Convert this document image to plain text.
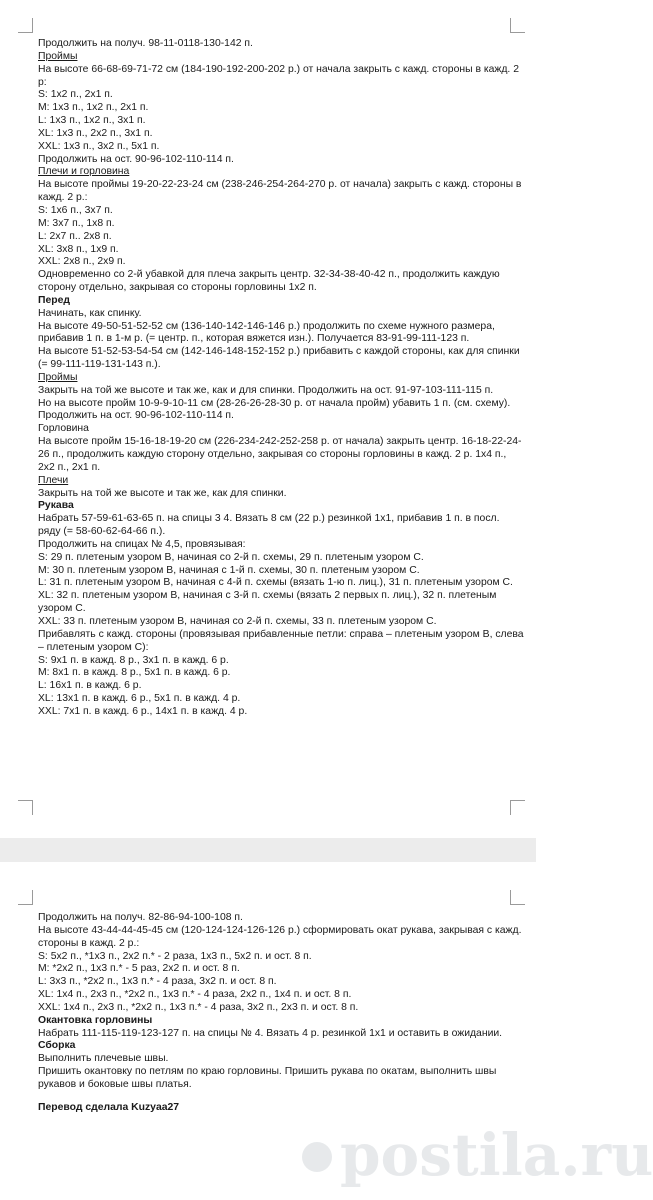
Продолжить на получ. 98-11-0118-130-142 п.
Проймы
На высоте 66-68-69-71-72 см (184-190-192-200-202 р.) от начала закрыть с кажд. стороны в кажд. 2 р:
S: 1x2 п., 2x1 п.
M: 1x3 п., 1x2 п., 2x1 п.
L: 1x3 п., 1x2 п., 3x1 п.
XL: 1x3 п., 2x2 п., 3x1 п.
XXL: 1x3 п., 3x2 п., 5x1 п.
Продолжить на ост. 90-96-102-110-114 п.
Плечи и горловина
На высоте проймы 19-20-22-23-24 см (238-246-254-264-270 р. от начала) закрыть с кажд. стороны в кажд. 2 р.:
S: 1x6 п., 3x7 п.
M: 3x7 п., 1x8 п.
L: 2x7 п.. 2x8 п.
XL: 3x8 п., 1x9 п.
XXL: 2x8 п., 2x9 п.
Одновременно со 2-й убавкой для плеча закрыть центр. 32-34-38-40-42 п., продолжить каждую сторону отдельно, закрывая со стороны горловины 1x2 п.
Перед
Начинать, как спинку.
На высоте 49-50-51-52-52 см (136-140-142-146-146 р.) продолжить по схеме нужного размера, прибавив 1 п. в 1-м р. (= центр. п., которая вяжется изн.). Получается 83-91-99-111-123 п.
На высоте 51-52-53-54-54 см (142-146-148-152-152 р.) прибавить с каждой стороны, как для спинки (= 99-111-119-131-143 п.).
Проймы
Закрыть на той же высоте и так же, как и для спинки. Продолжить на ост. 91-97-103-111-115 п.
Но на высоте пройм 10-9-9-10-11 см (28-26-26-28-30 р. от начала пройм) убавить 1 п. (см. схему).
Продолжить на ост. 90-96-102-110-114 п.
Горловина
На высоте пройм 15-16-18-19-20 см (226-234-242-252-258 р. от начала) закрыть центр. 16-18-22-24-26 п., продолжить каждую сторону отдельно, закрывая со стороны горловины в кажд. 2 р. 1x4 п., 2x2 п., 2x1 п.
Плечи
Закрыть на той же высоте и так же, как для спинки.
Рукава
Набрать 57-59-61-63-65 п. на спицы 3 4. Вязать 8 см (22 р.) резинкой 1x1, прибавив 1 п. в посл. ряду (= 58-60-62-64-66 п.).
Продолжить на спицах № 4,5, провязывая:
S: 29 п. плетеным узором В, начиная со 2-й п. схемы, 29 п. плетеным узором С.
M: 30 п. плетеным узором В, начиная с 1-й п. схемы, 30 п. плетеным узором С.
L: 31 п. плетеным узором В, начиная с 4-й п. схемы (вязать 1-ю п. лиц.), 31 п. плетеным узором С.
XL: 32 п. плетеным узором В, начиная с 3-й п. схемы (вязать 2 первых п. лиц.), 32 п. плетеным узором С.
XXL: 33 п. плетеным узором В, начиная со 2-й п. схемы, 33 п. плетеным узором С.
Прибавлять с кажд. стороны (провязывая прибавленные петли: справа – плетеным узором В, слева – плетеным узором С):
S: 9x1 п. в кажд. 8 р., 3x1 п. в кажд. 6 р.
M: 8x1 п. в кажд. 8 р., 5x1 п. в кажд. 6 р.
L: 16x1 п. в кажд. 6 р.
XL: 13x1 п. в кажд. 6 р., 5x1 п. в кажд. 4 р.
XXL: 7x1 п. в кажд. 6 р., 14x1 п. в кажд. 4 р.
Продолжить на получ. 82-86-94-100-108 п.
На высоте 43-44-44-45-45 см (120-124-124-126-126 р.) сформировать окат рукава, закрывая с кажд. стороны в кажд. 2 р.:
S: 5x2 п., *1x3 п., 2x2 п.* - 2 раза, 1x3 п., 5x2 п. и ост. 8 п.
M: *2x2 п., 1x3 п.* - 5 раз, 2x2 п. и ост. 8 п.
L: 3x3 п., *2x2 п., 1x3 п.* - 4 раза, 3x2 п. и ост. 8 п.
XL: 1x4 п., 2x3 п., *2x2 п., 1x3 п.* - 4 раза, 2x2 п., 1x4 п. и ост. 8 п.
XXL: 1x4 п., 2x3 п., *2x2 п., 1x3 п.* - 4 раза, 3x2 п., 2x3 п. и ост. 8 п.
Окантовка горловины
Набрать 111-115-119-123-127 п. на спицы № 4. Вязать 4 р. резинкой 1x1 и оставить в ожидании.
Сборка
Выполнить плечевые швы.
Пришить окантовку по петлям по краю горловины. Пришить рукава по окатам, выполнить швы рукавов и боковые швы платья.
Перевод сделала Kuzyaa27
postila.ru
